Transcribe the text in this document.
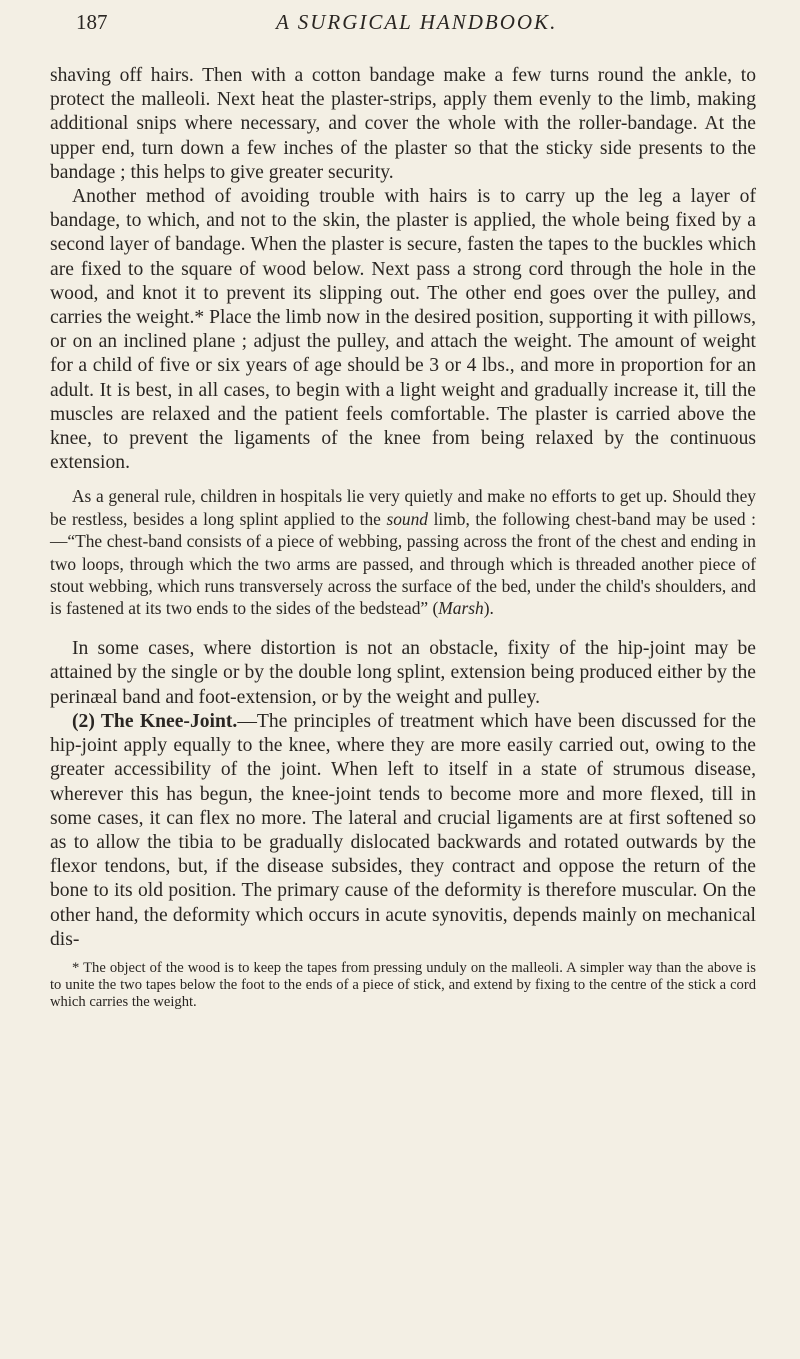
187	A SURGICAL HANDBOOK.

shaving off hairs. Then with a cotton bandage make a few turns round the ankle, to protect the malleoli. Next heat the plaster-strips, apply them evenly to the limb, making additional snips where necessary, and cover the whole with the roller-bandage. At the upper end, turn down a few inches of the plaster so that the sticky side presents to the bandage ; this helps to give greater security.

Another method of avoiding trouble with hairs is to carry up the leg a layer of bandage, to which, and not to the skin, the plaster is applied, the whole being fixed by a second layer of bandage. When the plaster is secure, fasten the tapes to the buckles which are fixed to the square of wood below. Next pass a strong cord through the hole in the wood, and knot it to prevent its slipping out. The other end goes over the pulley, and carries the weight.* Place the limb now in the desired position, supporting it with pillows, or on an inclined plane ; adjust the pulley, and attach the weight. The amount of weight for a child of five or six years of age should be 3 or 4 lbs., and more in proportion for an adult. It is best, in all cases, to begin with a light weight and gradually increase it, till the muscles are relaxed and the patient feels comfortable. The plaster is carried above the knee, to prevent the ligaments of the knee from being relaxed by the continuous extension.

As a general rule, children in hospitals lie very quietly and make no efforts to get up. Should they be restless, besides a long splint applied to the sound limb, the following chest-band may be used :—“The chest-band consists of a piece of webbing, passing across the front of the chest and ending in two loops, through which the two arms are passed, and through which is threaded another piece of stout webbing, which runs transversely across the surface of the bed, under the child's shoulders, and is fastened at its two ends to the sides of the bedstead” (Marsh).

In some cases, where distortion is not an obstacle, fixity of the hip-joint may be attained by the single or by the double long splint, extension being produced either by the perinæal band and foot-extension, or by the weight and pulley.

(2) The Knee-Joint.—The principles of treatment which have been discussed for the hip-joint apply equally to the knee, where they are more easily carried out, owing to the greater accessibility of the joint. When left to itself in a state of strumous disease, wherever this has begun, the knee-joint tends to become more and more flexed, till in some cases, it can flex no more. The lateral and crucial ligaments are at first softened so as to allow the tibia to be gradually dislocated backwards and rotated outwards by the flexor tendons, but, if the disease subsides, they contract and oppose the return of the bone to its old position. The primary cause of the deformity is therefore muscular. On the other hand, the deformity which occurs in acute synovitis, depends mainly on mechanical dis-

* The object of the wood is to keep the tapes from pressing unduly on the malleoli. A simpler way than the above is to unite the two tapes below the foot to the ends of a piece of stick, and extend by fixing to the centre of the stick a cord which carries the weight.
